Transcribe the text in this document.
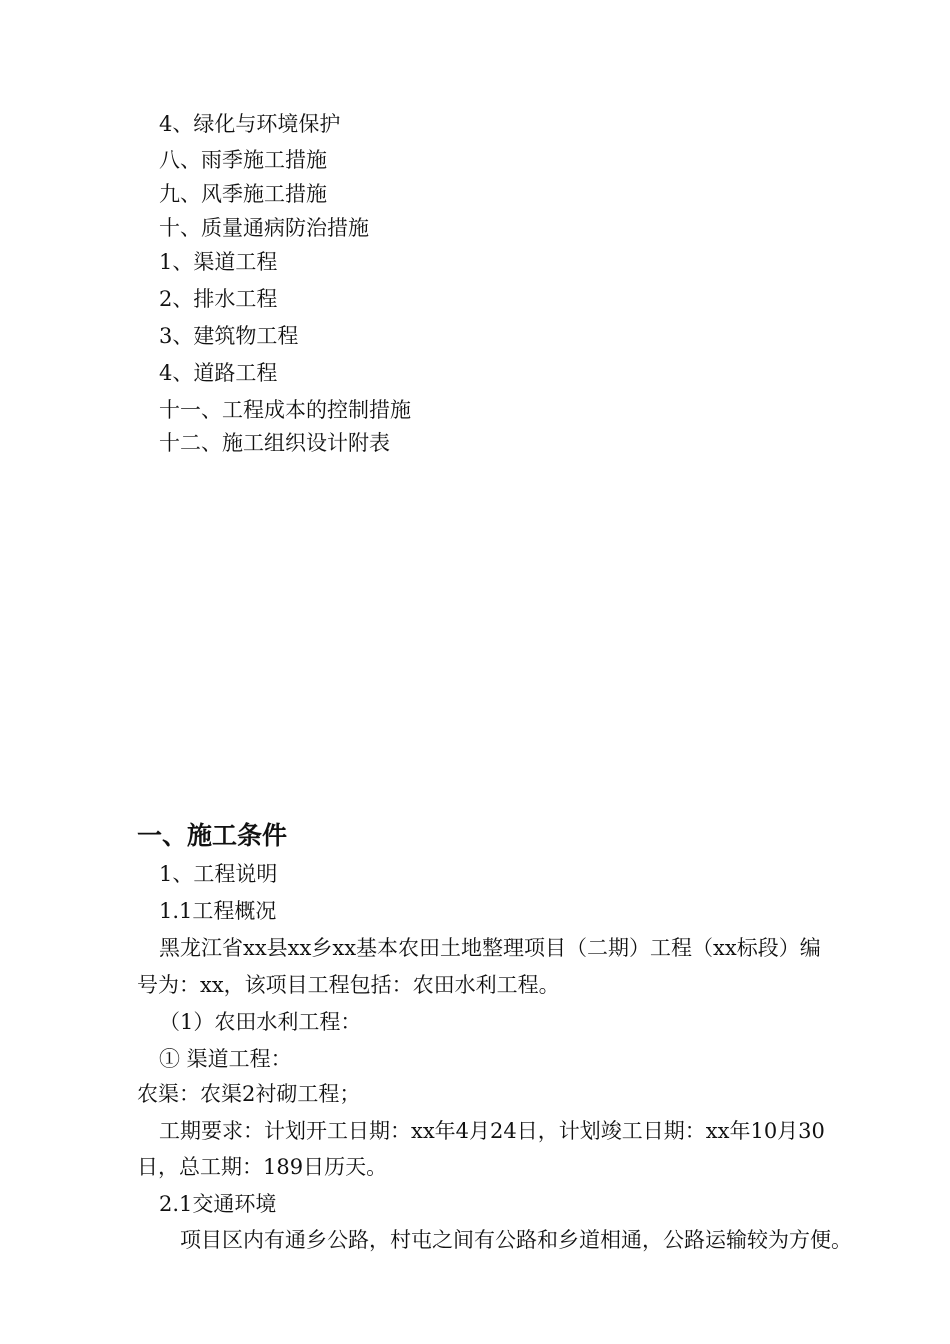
4、绿化与环境保护
八、雨季施工措施
九、风季施工措施
十、质量通病防治措施
1、渠道工程
2、排水工程
3、建筑物工程
4、道路工程
十一、工程成本的控制措施
十二、施工组织设计附表
一、施工条件
1、工程说明
1.1工程概况
黑龙江省xx县xx乡xx基本农田土地整理项目（二期）工程（xx标段）编
号为：xx，该项目工程包括：农田水利工程。
（1）农田水利工程：
① 渠道工程：
农渠：农渠2衬砌工程；
工期要求：计划开工日期：xx年4月24日，计划竣工日期：xx年10月30
日，总工期：189日历天。
2.1交通环境
项目区内有通乡公路，村屯之间有公路和乡道相通，公路运输较为方便。
